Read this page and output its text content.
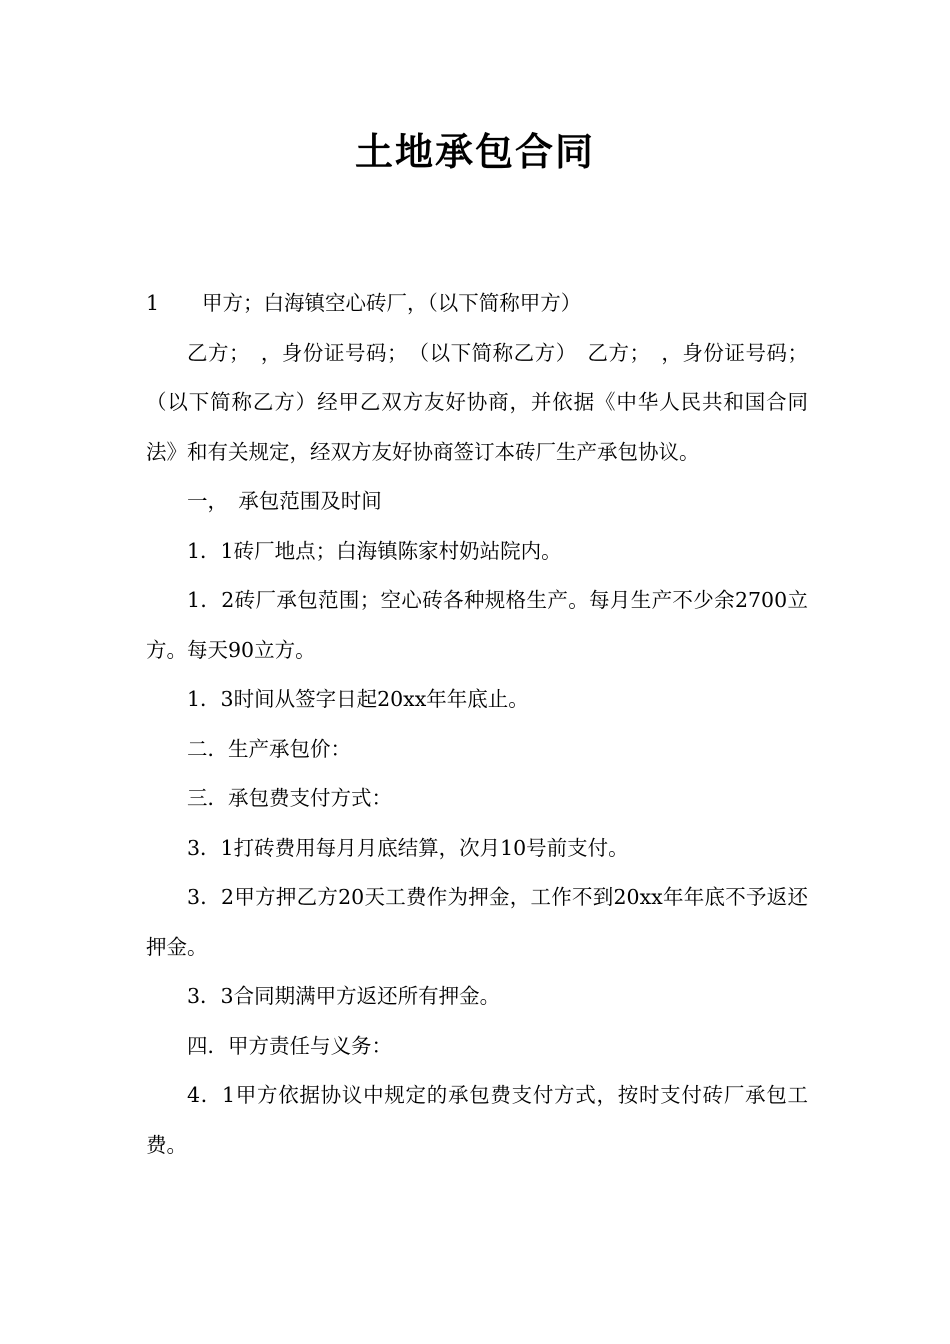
土地承包合同

1 甲方；白海镇空心砖厂，（以下简称甲方）

乙方；　，身份证号码；　（以下简称乙方）　乙方；　，身份证号码；（以下简称乙方）经甲乙双方友好协商，并依据《中华人民共和国合同法》和有关规定，经双方友好协商签订本砖厂生产承包协议。

一，　承包范围及时间

1．1砖厂地点；白海镇陈家村奶站院内。

1．2砖厂承包范围；空心砖各种规格生产。每月生产不少余2700立方。每天90立方。

1．3时间从签字日起20xx年年底止。

二．生产承包价：

三．承包费支付方式：

3．1打砖费用每月月底结算，次月10号前支付。

3．2甲方押乙方20天工费作为押金，工作不到20xx年年底不予返还押金。

3．3合同期满甲方返还所有押金。

四．甲方责任与义务：

4．1甲方依据协议中规定的承包费支付方式，按时支付砖厂承包工费。
